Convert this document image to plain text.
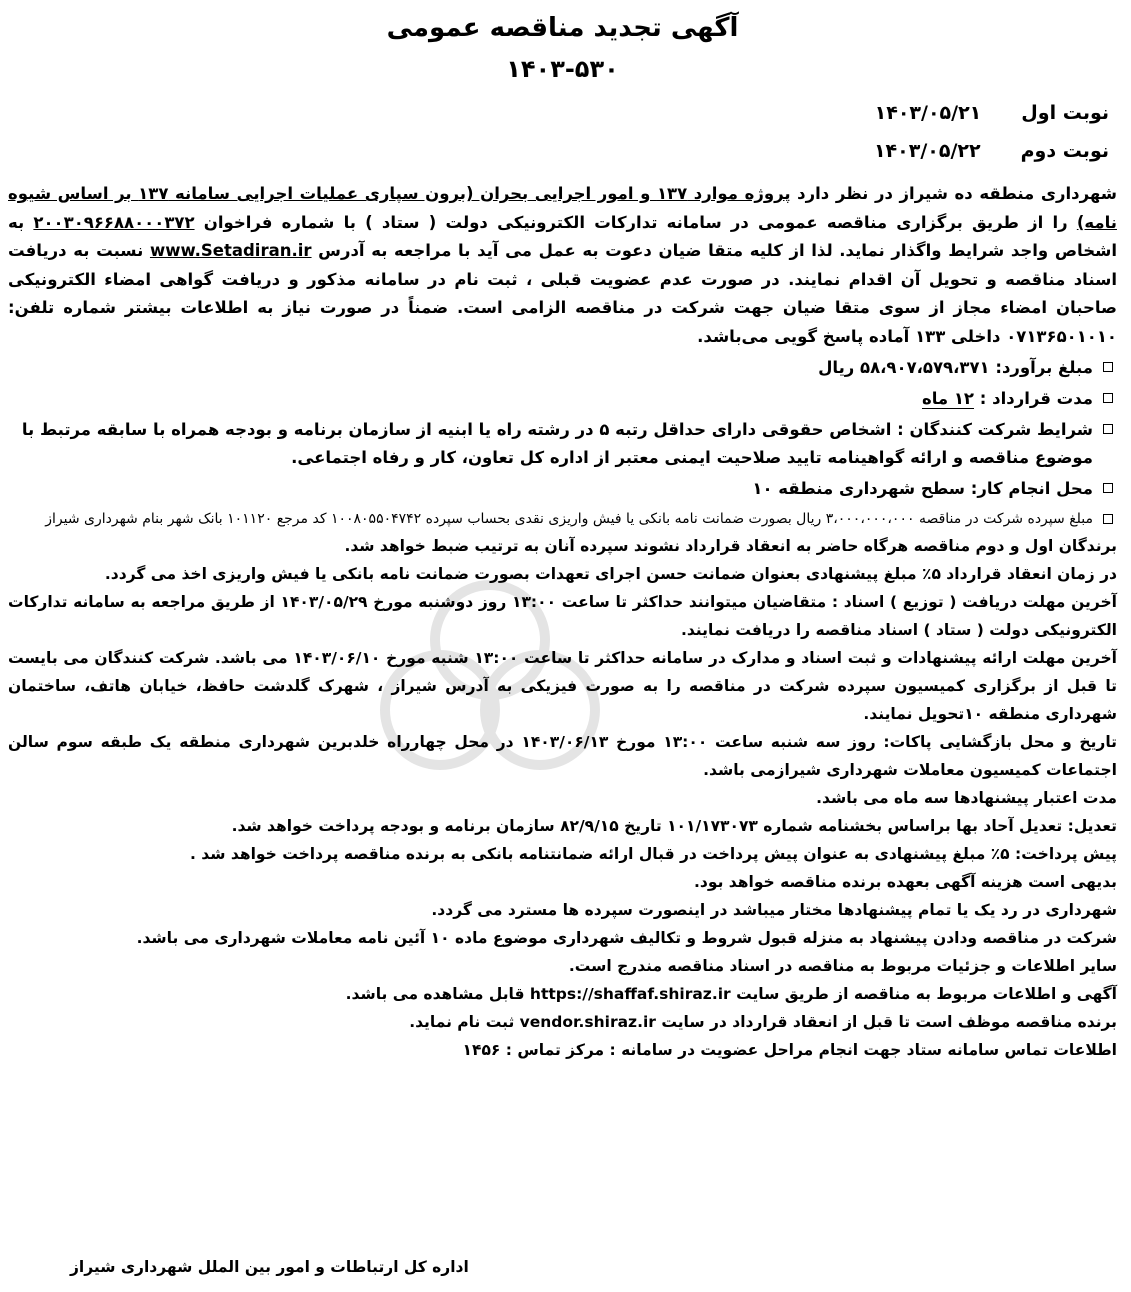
آگهی تجدید مناقصه عمومی
۱۴۰۳-۵۳۰
نوبت اول
۱۴۰۳/۰۵/۲۱
نوبت دوم
۱۴۰۳/۰۵/۲۲

شهرداری منطقه ده شیراز در نظر دارد پروژه موارد ۱۳۷ و امور اجرایی بحران (برون سپاری عملیات اجرایی سامانه ۱۳۷ بر اساس شیوه نامه) را از طریق برگزاری مناقصه عمومی در سامانه تدارکات الکترونیکی دولت ( ستاد ) با شماره فراخوان ۲۰۰۳۰۹۶۶۸۸۰۰۰۳۷۲ به اشخاص واجد شرایط واگذار نماید. لذا از کلیه متقا ضیان دعوت به عمل می آید با مراجعه به آدرس www.Setadiran.ir نسبت به دریافت اسناد مناقصه و تحویل آن اقدام نمایند. در صورت عدم عضویت قبلی ، ثبت نام در سامانه مذکور و دریافت گواهی امضاء الکترونیکی صاحبان امضاء مجاز از سوی متقا ضیان جهت شرکت در مناقصه الزامی است. ضمناً در صورت نیاز به اطلاعات بیشتر شماره تلفن: ۰۷۱۳۶۵۰۱۰۱۰ داخلی ۱۳۳ آماده پاسخ گویی می‌باشد.

مبلغ برآورد: ۵۸،۹۰۷،۵۷۹،۳۷۱ ریال
مدت قرارداد : ۱۲ ماه
شرایط شرکت کنندگان : اشخاص حقوقی دارای حداقل رتبه ۵ در رشته راه یا ابنیه از سازمان برنامه و بودجه همراه با سابقه مرتبط با موضوع مناقصه و ارائه گواهینامه تایید صلاحیت ایمنی معتبر از اداره کل تعاون، کار و رفاه اجتماعی.
محل انجام کار: سطح شهرداری منطقه ۱۰
مبلغ سپرده شرکت در مناقصه ۳،۰۰۰،۰۰۰،۰۰۰ ریال بصورت ضمانت نامه بانکی یا فیش واریزی نقدی بحساب سپرده ۱۰۰۸۰۵۵۰۴۷۴۲ کد مرجع ۱۰۱۱۲۰ بانک شهر بنام شهرداری شیراز

برندگان اول و دوم مناقصه هرگاه حاضر به انعقاد قرارداد نشوند سپرده آنان به ترتیب ضبط خواهد شد.

در زمان انعقاد قرارداد ۵٪ مبلغ پیشنهادی بعنوان ضمانت حسن اجرای تعهدات بصورت ضمانت نامه بانکی یا فیش واریزی اخذ می گردد.

آخرین مهلت دریافت ( توزیع ) اسناد : متقاضیان میتوانند حداکثر تا ساعت ۱۳:۰۰ روز دوشنبه مورخ ۱۴۰۳/۰۵/۲۹ از طریق مراجعه به سامانه تدارکات الکترونیکی دولت ( ستاد ) اسناد مناقصه را دریافت نمایند.

آخرین مهلت ارائه پیشنهادات و ثبت اسناد و مدارک در سامانه حداکثر تا ساعت ۱۳:۰۰ شنبه مورخ ۱۴۰۳/۰۶/۱۰ می باشد. شرکت کنندگان می بایست تا قبل از برگزاری کمیسیون سپرده شرکت در مناقصه را به صورت فیزیکی به آدرس شیراز ، شهرک گلدشت حافظ، خیابان هاتف، ساختمان شهرداری منطقه ۱۰تحویل نمایند.

تاریخ و محل بازگشایی پاکات: روز سه شنبه ساعت ۱۳:۰۰ مورخ ۱۴۰۳/۰۶/۱۳ در محل چهارراه خلدبرین شهرداری منطقه یک طبقه سوم سالن اجتماعات کمیسیون معاملات شهرداری شیرازمی باشد.

مدت اعتبار پیشنهادها سه ماه می باشد.

تعدیل: تعدیل آحاد بها براساس بخشنامه شماره ۱۰۱/۱۷۳۰۷۳ تاریخ ۸۲/۹/۱۵ سازمان برنامه و بودجه پرداخت خواهد شد.

پیش پرداخت: ۵٪ مبلغ پیشنهادی به عنوان پیش پرداخت در قبال ارائه ضمانتنامه بانکی به برنده مناقصه پرداخت خواهد شد .

بدیهی است هزینه آگهی بعهده برنده مناقصه خواهد بود.

شهرداری در رد یک یا تمام پیشنهادها مختار میباشد در اینصورت سپرده ها مسترد می گردد.

شرکت در مناقصه ودادن پیشنهاد به منزله قبول شروط و تکالیف شهرداری موضوع ماده ۱۰ آئین نامه معاملات شهرداری می باشد.

سایر اطلاعات و جزئیات مربوط به مناقصه در اسناد مناقصه مندرج است.

آگهی و اطلاعات مربوط به مناقصه از طریق سایت https://shaffaf.shiraz.ir قابل مشاهده می باشد.

برنده مناقصه موظف است تا قبل از انعقاد قرارداد در سایت vendor.shiraz.ir ثبت نام نماید.

اطلاعات تماس سامانه ستاد جهت انجام مراحل عضویت در سامانه : مرکز تماس : ۱۴۵۶

اداره کل ارتباطات و امور بین الملل شهرداری شیراز
